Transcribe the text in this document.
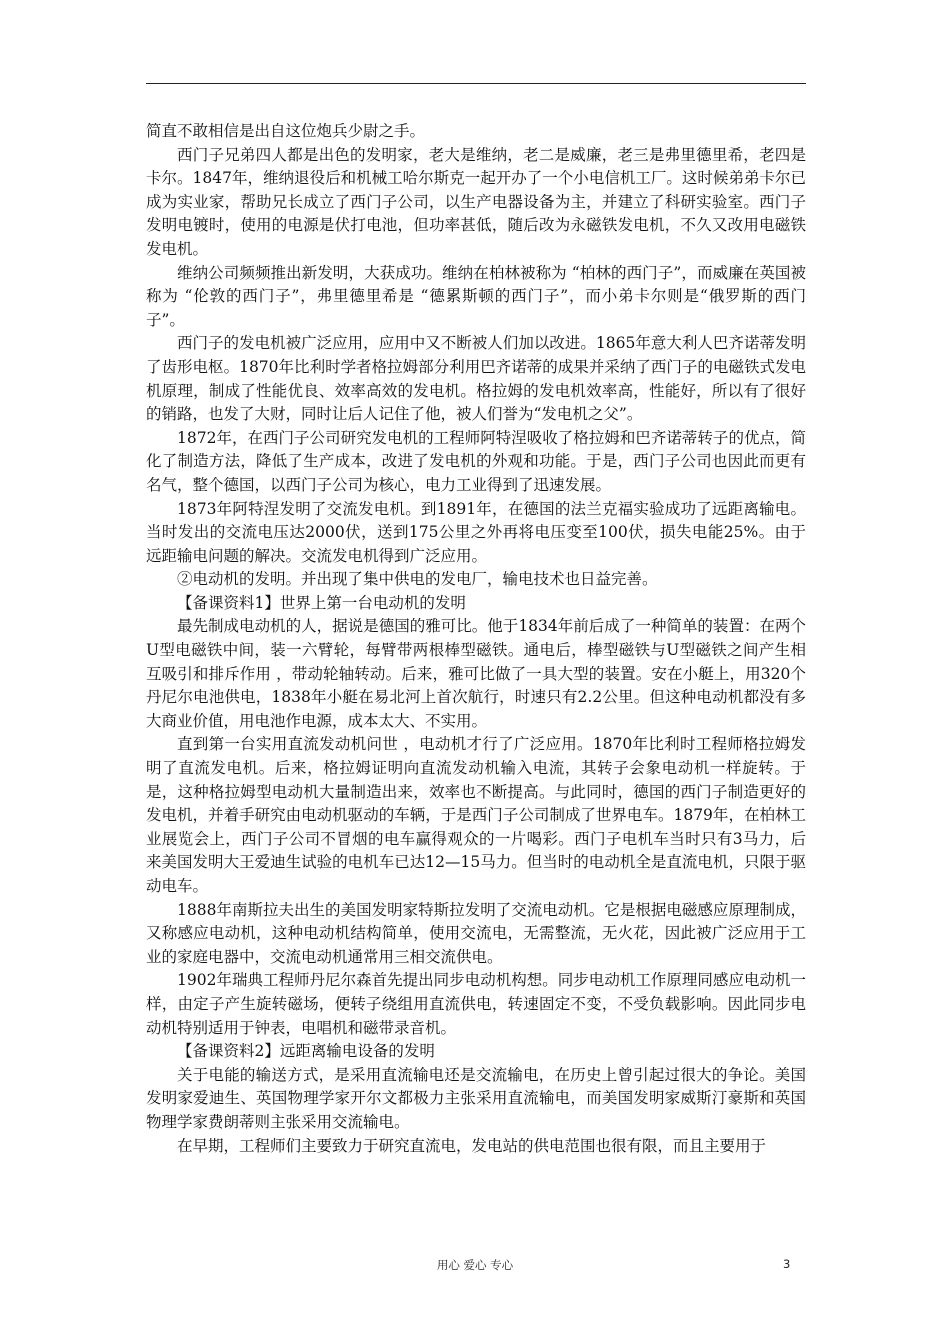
简直不敢相信是出自这位炮兵少尉之手。

西门子兄弟四人都是出色的发明家，老大是维纳，老二是威廉，老三是弗里德里希，老四是卡尔。1847年，维纳退役后和机械工哈尔斯克一起开办了一个小电信机工厂。这时候弟弟卡尔已成为实业家，帮助兄长成立了西门子公司，以生产电器设备为主，并建立了科研实验室。西门子发明电镀时，使用的电源是伏打电池，但功率甚低，随后改为永磁铁发电机，不久又改用电磁铁发电机。

维纳公司频频推出新发明，大获成功。维纳在柏林被称为 “柏林的西门子”，而威廉在英国被称为 “伦敦的西门子”，弗里德里希是 “德累斯顿的西门子”，而小弟卡尔则是“俄罗斯的西门子”。

西门子的发电机被广泛应用，应用中又不断被人们加以改进。1865年意大利人巴齐诺蒂发明了齿形电枢。1870年比利时学者格拉姆部分利用巴齐诺蒂的成果并采纳了西门子的电磁铁式发电机原理，制成了性能优良、效率高效的发电机。格拉姆的发电机效率高，性能好，所以有了很好的销路，也发了大财，同时让后人记住了他，被人们誉为“发电机之父”。

1872年，在西门子公司研究发电机的工程师阿特涅吸收了格拉姆和巴齐诺蒂转子的优点，简化了制造方法，降低了生产成本，改进了发电机的外观和功能。于是，西门子公司也因此而更有名气，整个德国，以西门子公司为核心，电力工业得到了迅速发展。

1873年阿特涅发明了交流发电机。到1891年，在德国的法兰克福实验成功了远距离输电。当时发出的交流电压达2000伏，送到175公里之外再将电压变至100伏，损失电能25%。由于远距输电问题的解决。交流发电机得到广泛应用。

②电动机的发明。并出现了集中供电的发电厂，输电技术也日益完善。

【备课资料1】世界上第一台电动机的发明

最先制成电动机的人，据说是德国的雅可比。他于1834年前后成了一种简单的装置：在两个U型电磁铁中间，装一六臂轮，每臂带两根棒型磁铁。通电后，棒型磁铁与U型磁铁之间产生相互吸引和排斥作用 ，带动轮轴转动。后来，雅可比做了一具大型的装置。安在小艇上，用320个丹尼尔电池供电，1838年小艇在易北河上首次航行，时速只有2.2公里。但这种电动机都没有多大商业价值，用电池作电源，成本太大、不实用。

直到第一台实用直流发动机问世 ，电动机才行了广泛应用。1870年比利时工程师格拉姆发明了直流发电机。后来，格拉姆证明向直流发动机输入电流，其转子会象电动机一样旋转。于是，这种格拉姆型电动机大量制造出来，效率也不断提高。与此同时，德国的西门子制造更好的发电机，并着手研究由电动机驱动的车辆，于是西门子公司制成了世界电车。1879年，在柏林工业展览会上，西门子公司不冒烟的电车赢得观众的一片喝彩。西门子电机车当时只有3马力，后来美国发明大王爱迪生试验的电机车已达12—15马力。但当时的电动机全是直流电机，只限于驱动电车。

1888年南斯拉夫出生的美国发明家特斯拉发明了交流电动机。它是根据电磁感应原理制成，又称感应电动机，这种电动机结构简单，使用交流电，无需整流，无火花，因此被广泛应用于工业的家庭电器中，交流电动机通常用三相交流供电。

1902年瑞典工程师丹尼尔森首先提出同步电动机构想。同步电动机工作原理同感应电动机一样，由定子产生旋转磁场，便转子绕组用直流供电，转速固定不变，不受负载影响。因此同步电动机特别适用于钟表，电唱机和磁带录音机。

【备课资料2】远距离输电设备的发明

关于电能的输送方式，是采用直流输电还是交流输电，在历史上曾引起过很大的争论。美国发明家爱迪生、英国物理学家开尔文都极力主张采用直流输电，而美国发明家威斯汀豪斯和英国物理学家费朗蒂则主张采用交流输电。

在早期，工程师们主要致力于研究直流电，发电站的供电范围也很有限，而且主要用于

用心 爱心 专心	3
